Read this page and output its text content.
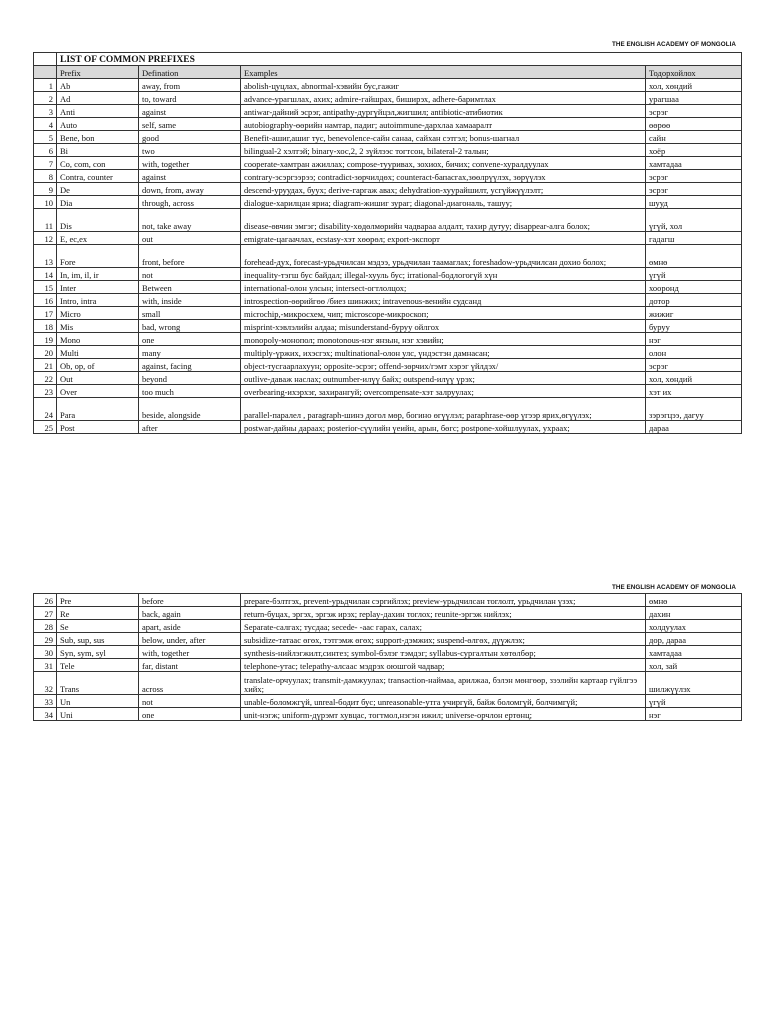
THE ENGLISH ACADEMY OF MONGOLIA
	LIST OF COMMON PREFIXES			
	Prefix	Defination	Examples	Тодорхойлох
1	Ab	away, from	abolish-цуцлах, abnormal-хэвийн бус,гажиг	хол, хөндий
2	Ad	to, toward	advance-урагшлах, ахих; admire-гайшрах, биширэх, adhere-баримтлах	урагшаа
3	Anti	against	antiwar-дайний эсрэг, antipathy-дургүйцэл,жигшил; antibiotic-атибиотик	эсрэг
4	Auto	self, same	autobiography-өөрийн намтар, падиг; autoimmune-дархлаа хамааралт	өөрөө
5	Bene, bon	good	Benefit-ашиг,ашиг тус, benevolence-сайн санаа, сайхан сэтгэл; bonus-шагнал	сайн
6	Bi	two	bilingual-2 хэлтэй; binary-хос,2, 2 зүйлээс тогтсон, bilateral-2 талын;	хоёр
7	Co, com, con	with, together	cooperate-хамтран ажиллах; compose-тууривах, зохиох, бичих; convene-хуралдуулах	хамтадаа
8	Contra, counter	against	contrary-эсэргээрээ; contradict-зөрчилдөх; counteract-бапасгах,зөөлрүүлэх, зөрүүлэх	эсрэг
9	De	down, from, away	descend-уруудах, буух; derive-гаргаж авах; dehydration-хуурайшилт, усгүйжүүлэлт;	эсрэг
10	Dia	through, across	dialogue-харилцан яриа; diagram-жишиг зураг; diagonal-диагональ, ташуу;	шууд
11	Dis	not, take away	disease-өвчин эмгэг; disability-хөдөлмөрийн чадвараа алдалт, тахир дутуу; disappear-алга болох;	үгүй, хол
12	E, ec,ex	out	emigrate-цагаачлах, ecstasy-хэт хөөрөл; export-экспорт	гадагш
13	Fore	front, before	forehead-дух, forecast-урьдчилсан мэдээ, урьдчилан таамаглах; foreshadow-урьдчилсан дохио болох;	өмнө
14	In, im, il, ir	not	inequality-тэгш бус байдал; illegal-хууль бус; irrational-бодлогогүй хүн	үгүй
15	Inter	Between	international-олон улсын; intersect-огтлолцох;	хооронд
16	Intro, intra	with, inside	introspection-өөрийгөө /биез шинжих; intravenous-венийн судсанд	дотор
17	Micro	small	microchip,-микросхем, чип; microscope-микроскоп;	жижиг
18	Mis	bad, wrong	misprint-хэвлэлийн алдаа; misunderstand-буруу ойлгох	буруу
19	Mono	one	monopoly-монопол; monotonous-нэг янзын, нэг хэвийн;	нэг
20	Multi	many	multiply-үржих, ихэсгэх; multinational-олон улс, үндэстэн дамнасан;	олон
21	Ob, op, of	against, facing	object-тусгаарлахуун; opposite-эсрэг; offend-зөрчих/гэмт хэрэг үйлдэх/	эсрэг
22	Out	beyond	outlive-даваж наслах; outnumber-илүү байх; outspend-илүү үрэх;	хол, хөндий
23	Over	too much	overbearing-ихэрхэг, захирангуй; overcompensate-хэт залруулах;	хэт их
24	Para	beside, alongside	parallel-паралел , paragraph-шинэ догол мөр, богино өгүүлэл; paraphrase-өөр үгээр ярих,өгүүлэх;	зэрэгцээ, дагуу
25	Post	after	postwar-дайны дараах; posterior-сүүлийн үеийн, арын, бөгс; postpone-хойшлуулах, ухраах;	дараа
THE ENGLISH ACADEMY OF MONGOLIA
26	Pre	before	prepare-бэлтгэх, prevent-урьдчилан сэргийлэх; preview-урьдчилсан тоглолт, урьдчилан үзэх;	өмнө
27	Re	back, again	return-буцах, эргэх, эргэж ирэх; replay-дахин тоглох; reunite-эргэж нийлэх;	дахин
28	Se	apart, aside	Separate-салгах; тусдаа; secede- -аас гарах, салах;	холдуулах
29	Sub, sup, sus	below, under, after	subsidize-татаас өгөх, тэтгэмж өгөх; support-дэмжих; suspend-өлгөх, дүүжлэх;	дор, дараа
30	Syn, sym, syl	with, together	synthesis-нийлэгжилт,синтез; symbol-бэлэг тэмдэг; syllabus-сургалтын хөтөлбөр;	хамтадаа
31	Tele	far, distant	telephone-утас; telepathy-алсаас мэдрэх оюшгой чадвар;	хол, зай
32	Trans	across	translate-орчуулах; transmit-дамжуулах; transaction-наймаа, арилжаа, бэлэн мөнгөөр, зээлийн картаар гүйлгээ хийх;	шилжүүлэх
33	Un	not	unable-боломжгүй, unreal-бодит бус; unreasonable-утга учиргүй, байж боломгүй, болчимгүй;	үгүй
34	Uni	one	unit-нэгж; uniform-дүрэмт хувцас, тогтмол,нэгэн ижил; universe-орчлон ертөнц;	нэг
